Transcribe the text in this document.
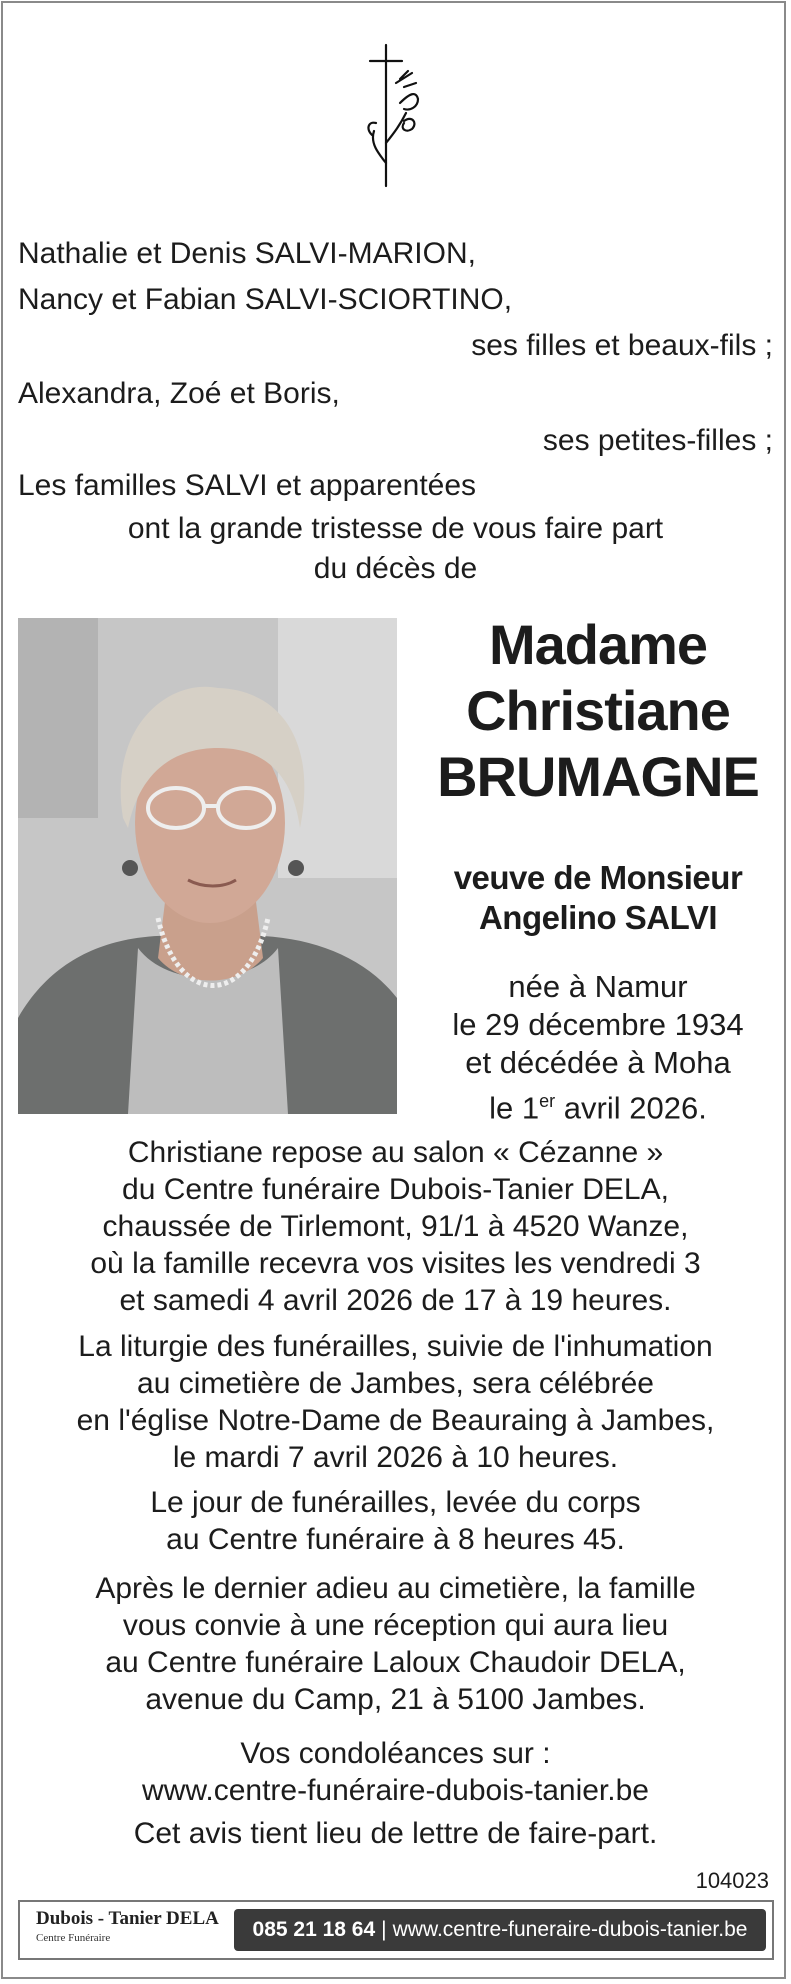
Nathalie et Denis SALVI-MARION,
Nancy et Fabian SALVI-SCIORTINO,
ses filles et beaux-fils ;
Alexandra, Zoé et Boris,
ses petites-filles ;
Les familles SALVI et apparentées
ont la grande tristesse de vous faire part
du décès de
Madame
Christiane
BRUMAGNE
veuve de Monsieur
Angelino SALVI
née à Namur
le 29 décembre 1934
et décédée à Moha
le 1er avril 2026.
Christiane repose au salon « Cézanne »
du Centre funéraire Dubois-Tanier DELA,
chaussée de Tirlemont, 91/1 à 4520 Wanze,
où la famille recevra vos visites les vendredi 3
et samedi 4 avril 2026 de 17 à 19 heures.
La liturgie des funérailles, suivie de l'inhumation
au cimetière de Jambes, sera célébrée
en l'église Notre-Dame de Beauraing à Jambes,
le mardi 7 avril 2026 à 10 heures.
Le jour de funérailles, levée du corps
au Centre funéraire à 8 heures 45.
Après le dernier adieu au cimetière, la famille
vous convie à une réception qui aura lieu
au Centre funéraire Laloux Chaudoir DELA,
avenue du Camp, 21 à 5100 Jambes.
Vos condoléances sur :
www.centre-funéraire-dubois-tanier.be
Cet avis tient lieu de lettre de faire-part.
104023
Dubois - Tanier DELA
Centre Funéraire	085 21 18 64 | www.centre-funeraire-dubois-tanier.be
